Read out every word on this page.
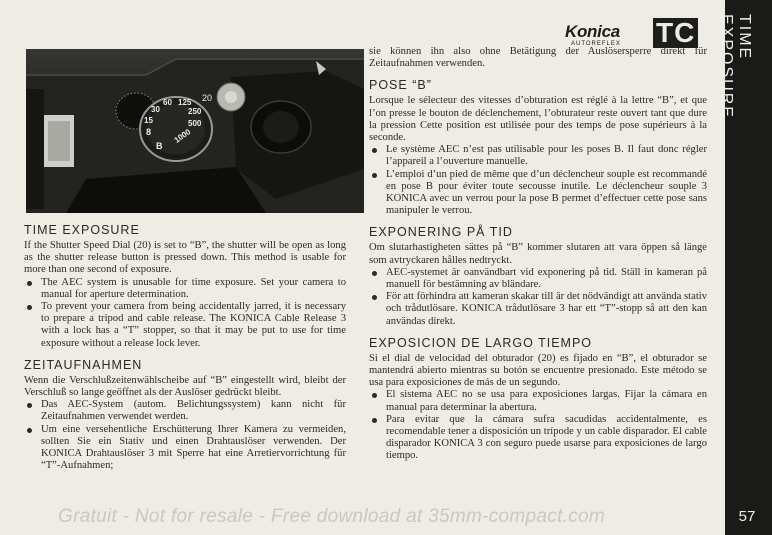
8
15
30
60 125
250
500
1000
20
B
Konica
AUTOREFLEX TC	TIME EXPOSURE
57
TIME EXPOSURE

If the Shutter Speed Dial (20) is set to “B”, the shutter will be open as long as the shutter release button is pressed down. This method is usable for more than one second of exposure.

The AEC system is unusable for time exposure. Set your camera to manual for aperture determination.
To prevent your camera from being accidentally jarred, it is necessary to prepare a tripod and cable release. The KONICA Cable Release 3 with a lock has a “T” stopper, so that it may be put to use for time exposure without a release lock lever.
ZEITAUFNAHMEN

Wenn die Verschlußzeitenwählscheibe auf “B” eingestellt wird, bleibt der Verschluß so lange geöffnet als der Auslöser gedrückt bleibt.

Das AEC-System (autom. Belichtungssystem) kann nicht für Zeitaufnahmen verwendet werden.
Um eine versehentliche Erschütterung Ihrer Kamera zu vermeiden, sollten Sie ein Stativ und einen Drahtauslöser verwenden. Der KONICA Drahtauslöser 3 mit Sperre hat eine Arretiervorrichtung für “T”-Aufnahmen;

sie können ihn also ohne Betätigung der Auslösersperre direkt für Zeitaufnahmen verwenden.

POSE “B”

Lorsque le sélecteur des vitesses d’obturation est réglé à la lettre “B”, et que l’on presse le bouton de déclenchement, l’obturateur reste ouvert tant que dure la pression Cette position est utilisée pour des temps de pose supérieurs à la seconde.

Le système AEC n’est pas utilisable pour les poses B. Il faut donc régler l’appareil a l’ouverture manuelle.
L’emploi d’un pied de même que d’un déclencheur souple est recommandé en pose B pour éviter toute secousse inutile. Le déclencheur souple 3 KONICA avec un verrou pour la pose B permet d’effectuer cette pose sans manipuler le verrou.
EXPONERING PÅ TID

Om slutarhastigheten sättes på “B” kommer slutaren att vara öppen så länge som avtryckaren hålles nedtryckt.

AEC-systemet är oanvändbart vid exponering på tid. Ställ in kameran på manuell för bestämning av bländare.
För att förhindra att kameran skakar till är det nödvändigt att använda stativ och trådutlösare. KONICA trådutlösare 3 har ett “T”-stopp så att den kan användas direkt.
EXPOSICION DE LARGO TIEMPO

Si el dial de velocidad del obturador (20) es fijado en “B”, el obturador se mantendrá abierto mientras su botón se encuentre presionado. Este método se usa para exposiciones de más de un segundo.

El sistema AEC no se usa para exposiciones largas. Fijar la cámara en manual para determinar la abertura.
Para evitar que la cámara sufra sacudidas accidentalmente, es recomendable tener a disposición un trípode y un cable disparador. El cable disparador KONICA 3 con seguro puede usarse para exposiciones de largo tiempo.
Gratuit - Not for resale - Free download at 35mm-compact.com
